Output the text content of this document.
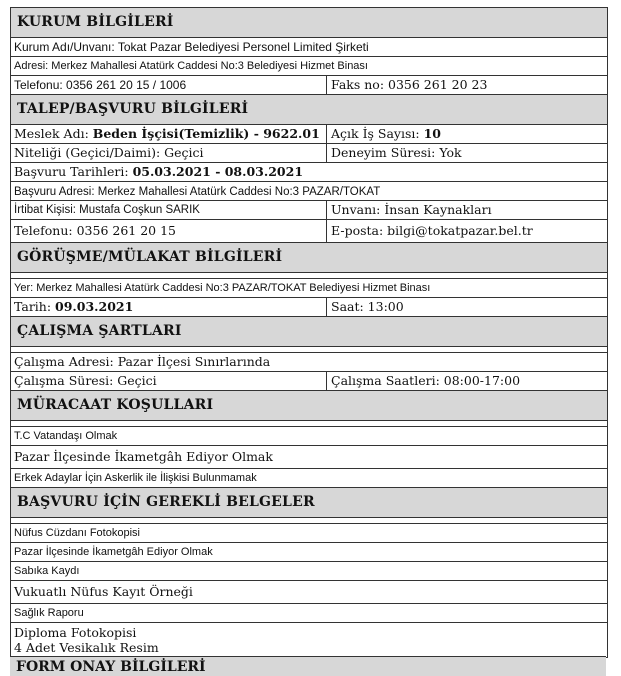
KURUM BİLGİLERİ
Kurum Adı/Unvanı: Tokat Pazar Belediyesi Personel Limited Şirketi
Adresi: Merkez Mahallesi Atatürk Caddesi No:3 Belediyesi Hizmet Binası
Telefonu: 0356 261 20 15 / 1006	Faks no: 0356 261 20 23
TALEP/BAŞVURU BİLGİLERİ
Meslek Adı: Beden İşçisi(Temizlik) - 9622.01 Açık İş Sayısı: 10
Niteliği (Geçici/Daimi): Geçici	Deneyim Süresi: Yok
Başvuru Tarihleri: 05.03.2021 - 08.03.2021
Başvuru Adresi: Merkez Mahallesi Atatürk Caddesi No:3 PAZAR/TOKAT
İrtibat Kişisi: Mustafa Coşkun SARIK	Unvanı: İnsan Kaynakları
Telefonu: 0356 261 20 15	E-posta: bilgi@tokatpazar.bel.tr
GÖRÜŞME/MÜLAKAT BİLGİLERİ
Yer: Merkez Mahallesi Atatürk Caddesi No:3 PAZAR/TOKAT Belediyesi Hizmet Binası
Tarih: 09.03.2021	Saat: 13:00
ÇALIŞMA ŞARTLARI
Çalışma Adresi: Pazar İlçesi Sınırlarında
Çalışma Süresi: Geçici	Çalışma Saatleri: 08:00-17:00
MÜRACAAT KOŞULLARI
T.C Vatandaşı Olmak
Pazar İlçesinde İkametgâh Ediyor Olmak
Erkek Adaylar İçin Askerlik ile İlişkisi Bulunmamak
BAŞVURU İÇİN GEREKLİ BELGELER
Nüfus Cüzdanı Fotokopisi
Pazar İlçesinde İkametgâh Ediyor Olmak
Sabıka Kaydı
Vukuatlı Nüfus Kayıt Örneği
Sağlık Raporu
Diploma Fotokopisi
4 Adet Vesikalık Resim
FORM ONAY BİLGİLERİ
